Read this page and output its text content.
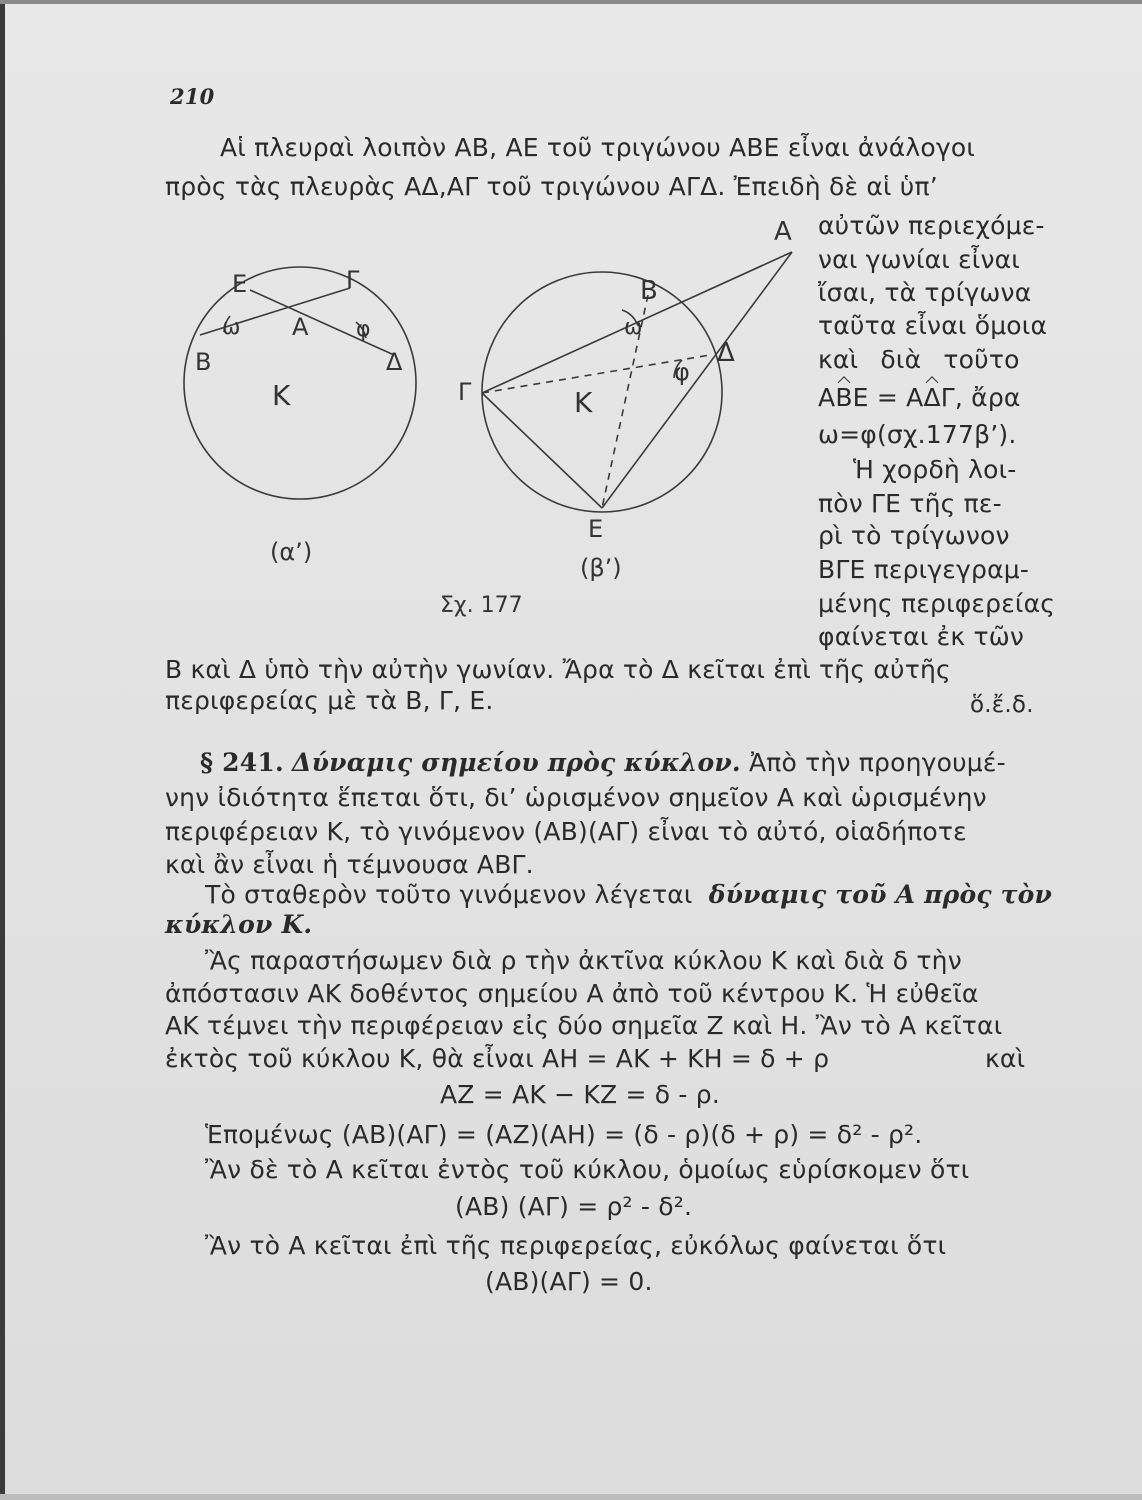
210
Αἱ πλευραὶ λοιπὸν ΑΒ, ΑΕ τοῦ τριγώνου ΑΒΕ εἶναι ἀνάλογοι
πρὸς τὰς πλευρὰς ΑΔ,ΑΓ τοῦ τριγώνου ΑΓΔ. Ἐπειδὴ δὲ αἱ ὑπ’
αὐτῶν περιεχόμε-
ναι γωνίαι εἶναι
ἴσαι, τὰ τρίγωνα
ταῦτα εἶναι ὅμοια
καὶ διὰ τοῦτο
ΑΒΕ = ΑΔΓ, ἄρα
ω=φ(σχ.177β’).
Ἡ χορδὴ λοι-
πὸν ΓΕ τῆς πε-
ρὶ τὸ τρίγωνον
ΒΓΕ περιγεγραμ-
μένης περιφερείας
φαίνεται ἐκ τῶν
Ε	Γ
ω Α φ
Β	Δ
Κ
(α’)
Α
Β
ω
Δ
Γ
φ
Κ
Ε
(β’)
Σχ. 177
Β καὶ Δ ὑπὸ τὴν αὐτὴν γωνίαν. Ἄρα τὸ Δ κεῖται ἐπὶ τῆς αὐτῆς
περιφερείας μὲ τὰ Β, Γ, Ε.	ὅ.ἔ.δ.
§ 241. Δύναμις σημείου πρὸς κύκλον. Ἀπὸ τὴν προηγουμέ-
νην ἰδιότητα ἕπεται ὅτι, δι’ ὡρισμένον σημεῖον Α καὶ ὡρισμένην
περιφέρειαν Κ, τὸ γινόμενον (ΑΒ)(ΑΓ) εἶναι τὸ αὐτό, οἱαδήποτε
καὶ ἂν εἶναι ἡ τέμνουσα ΑΒΓ.
Τὸ σταθερὸν τοῦτο γινόμενον λέγεται δύναμις τοῦ Α πρὸς τὸν
κύκλον Κ.
Ἂς παραστήσωμεν διὰ ρ τὴν ἀκτῖνα κύκλου Κ καὶ διὰ δ τὴν
ἀπόστασιν ΑΚ δοθέντος σημείου Α ἀπὸ τοῦ κέντρου Κ. Ἡ εὐθεῖα
ΑΚ τέμνει τὴν περιφέρειαν εἰς δύο σημεῖα Ζ καὶ Η. Ἂν τὸ Α κεῖται
ἐκτὸς τοῦ κύκλου Κ, θὰ εἶναι ΑΗ = ΑΚ + ΚΗ = δ + ρ	καὶ
ΑΖ = ΑΚ − ΚΖ = δ - ρ.
Ἑπομένως (ΑΒ)(ΑΓ) = (ΑΖ)(ΑΗ) = (δ - ρ)(δ + ρ) = δ² - ρ².
Ἂν δὲ τὸ Α κεῖται ἐντὸς τοῦ κύκλου, ὁμοίως εὑρίσκομεν ὅτι
(ΑΒ) (ΑΓ) = ρ² - δ².
Ἂν τὸ Α κεῖται ἐπὶ τῆς περιφερείας, εὐκόλως φαίνεται ὅτι
(ΑΒ)(ΑΓ) = 0.
